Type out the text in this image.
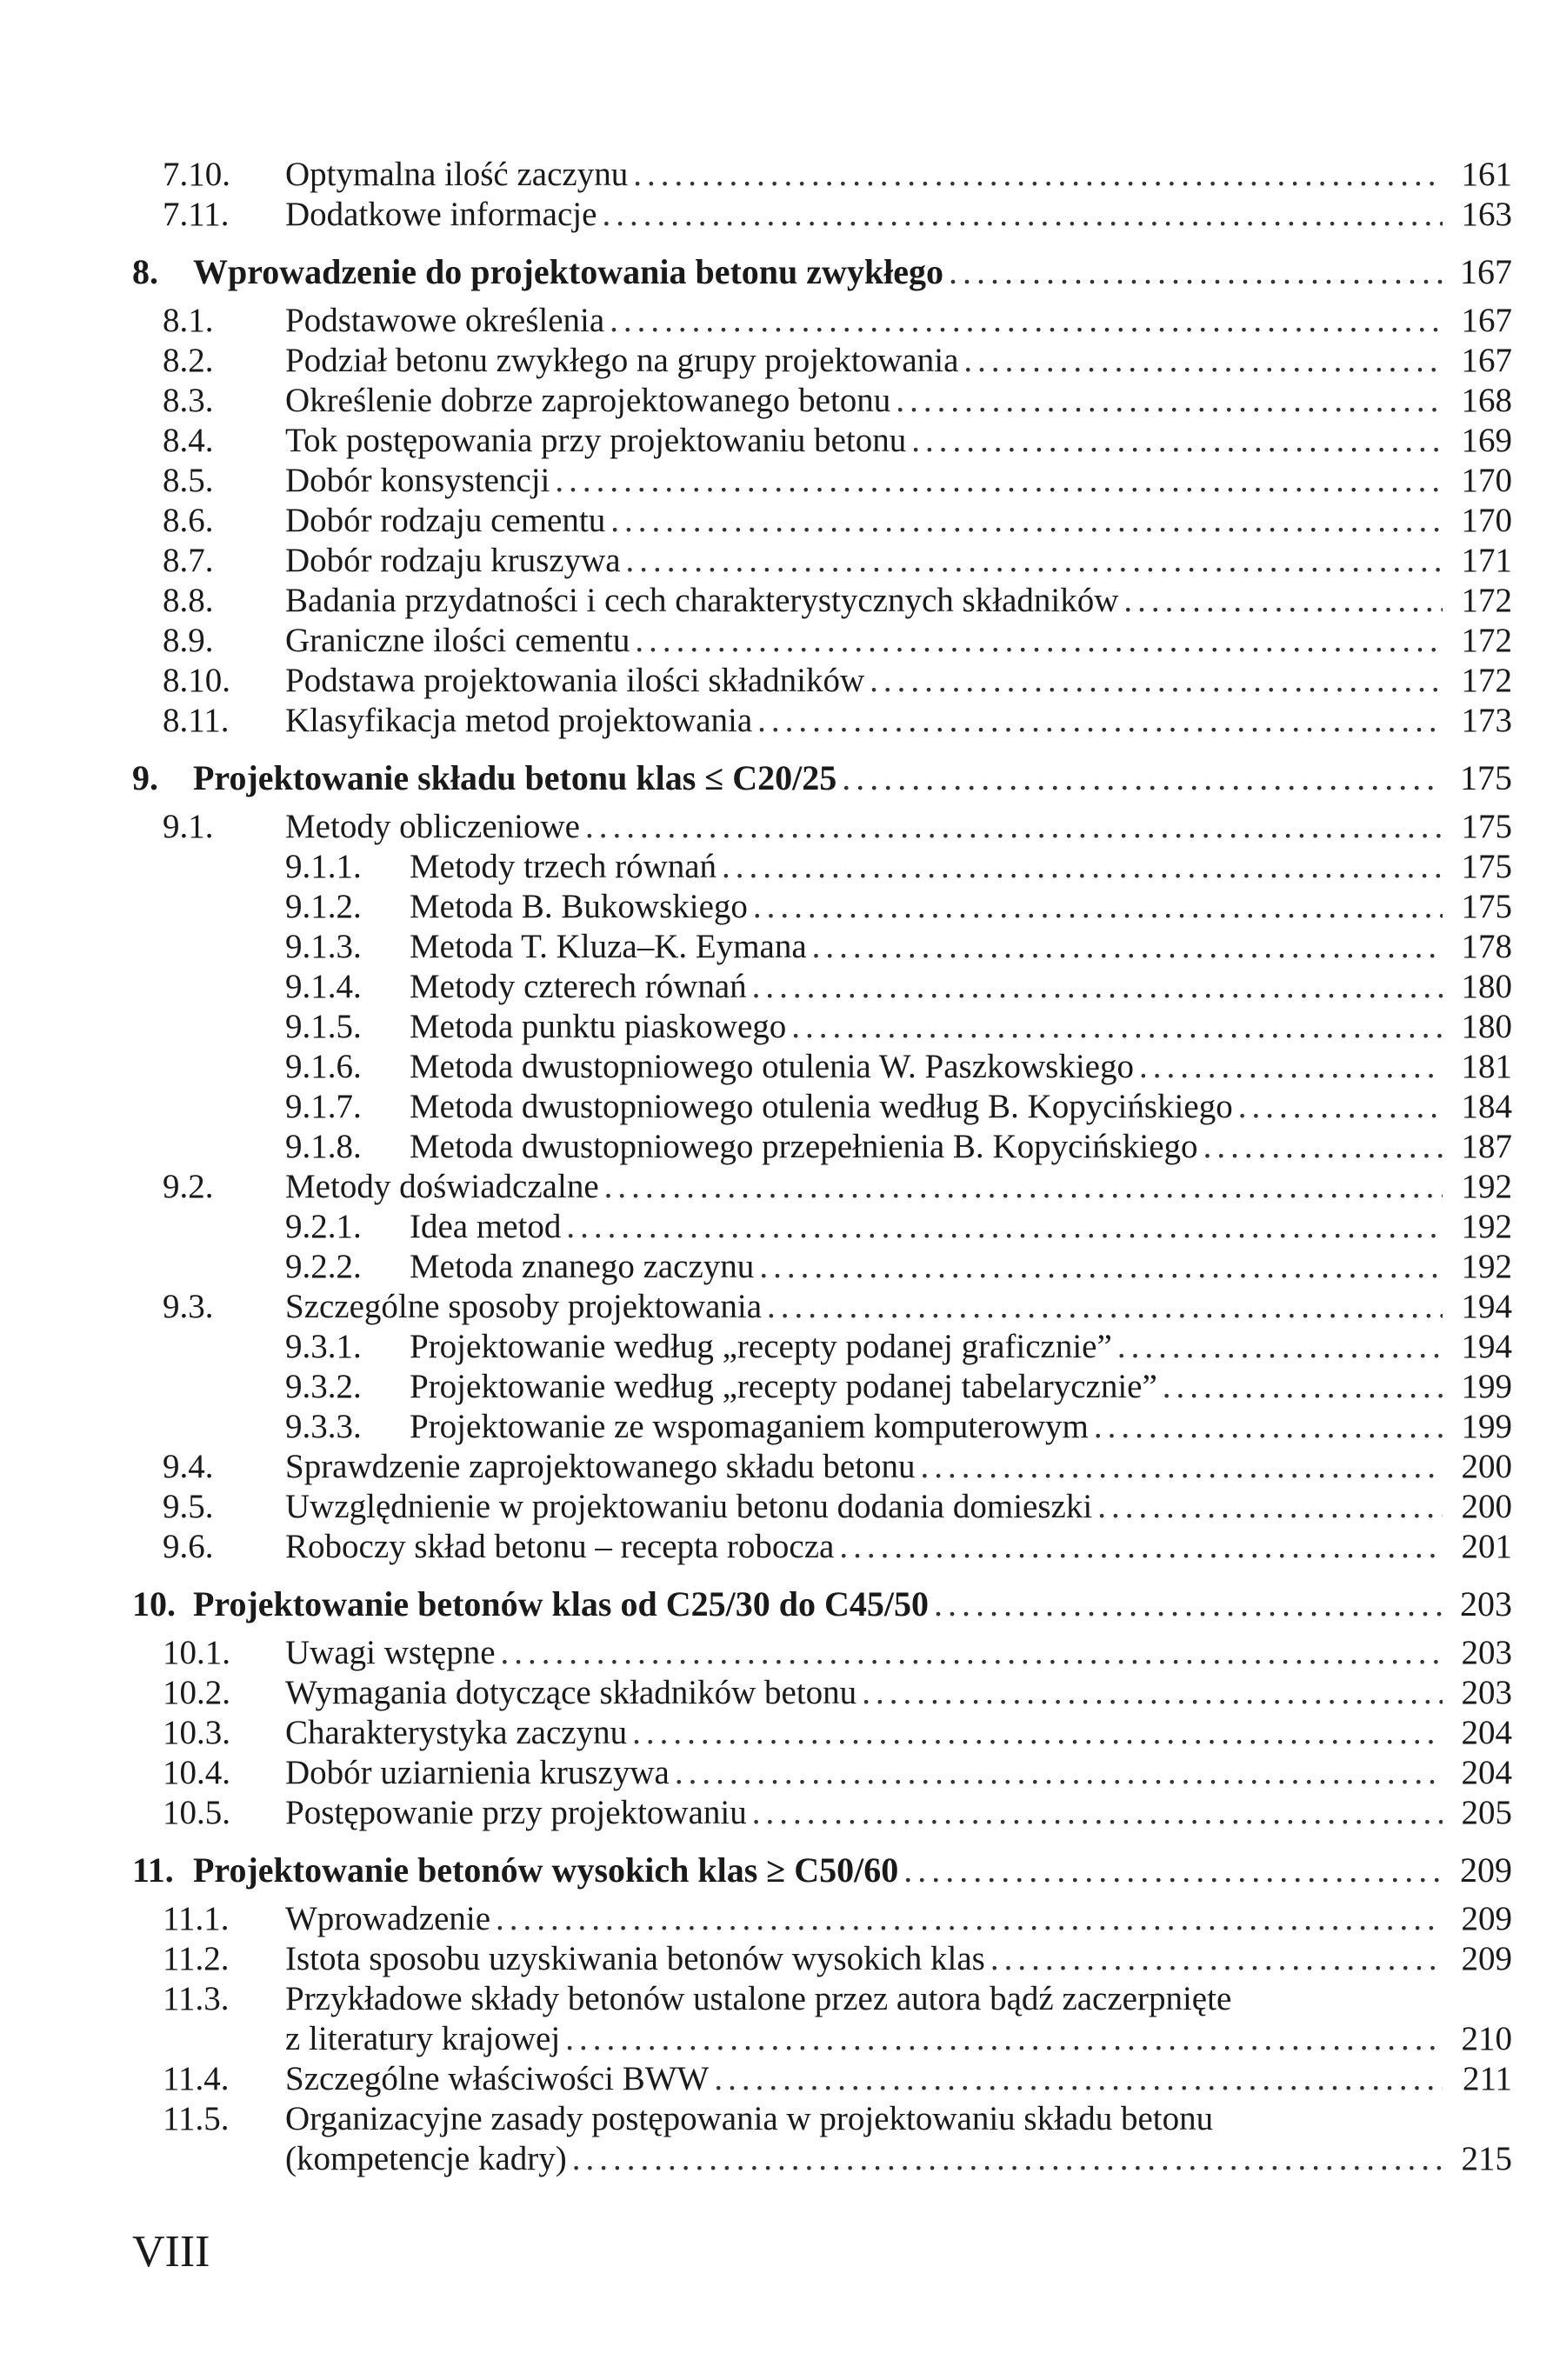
7.10. Optymalna ilość zaczynu .....	161
7.11. Dodatkowe informacje .....	163
8. Wprowadzenie do projektowania betonu zwykłego .....	167
8.1. Podstawowe określenia .....	167
8.2. Podział betonu zwykłego na grupy projektowania .....	167
8.3. Określenie dobrze zaprojektowanego betonu .....	168
8.4. Tok postępowania przy projektowaniu betonu .....	169
8.5. Dobór konsystencji .....	170
8.6. Dobór rodzaju cementu .....	170
8.7. Dobór rodzaju kruszywa .....	171
8.8. Badania przydatności i cech charakterystycznych składników .....	172
8.9. Graniczne ilości cementu .....	172
8.10. Podstawa projektowania ilości składników .....	172
8.11. Klasyfikacja metod projektowania .....	173
9. Projektowanie składu betonu klas ≤ C20/25 .....	175
9.1. Metody obliczeniowe .....	175
9.1.1. Metody trzech równań .....	175
9.1.2. Metoda B. Bukowskiego .....	175
9.1.3. Metoda T. Kluza–K. Eymana .....	178
9.1.4. Metody czterech równań .....	180
9.1.5. Metoda punktu piaskowego .....	180
9.1.6. Metoda dwustopniowego otulenia W. Paszkowskiego .....	181
9.1.7. Metoda dwustopniowego otulenia według B. Kopycińskiego .....	184
9.1.8. Metoda dwustopniowego przepełnienia B. Kopycińskiego .....	187
9.2. Metody doświadczalne .....	192
9.2.1. Idea metod .....	192
9.2.2. Metoda znanego zaczynu .....	192
9.3. Szczególne sposoby projektowania .....	194
9.3.1. Projektowanie według „recepty podanej graficznie” .....	194
9.3.2. Projektowanie według „recepty podanej tabelarycznie” .....	199
9.3.3. Projektowanie ze wspomaganiem komputerowym .....	199
9.4. Sprawdzenie zaprojektowanego składu betonu .....	200
9.5. Uwzględnienie w projektowaniu betonu dodania domieszki .....	200
9.6. Roboczy skład betonu – recepta robocza .....	201
10. Projektowanie betonów klas od C25/30 do C45/50 .....	203
10.1. Uwagi wstępne .....	203
10.2. Wymagania dotyczące składników betonu .....	203
10.3. Charakterystyka zaczynu .....	204
10.4. Dobór uziarnienia kruszywa .....	204
10.5. Postępowanie przy projektowaniu .....	205
11. Projektowanie betonów wysokich klas ≥ C50/60 .....	209
11.1. Wprowadzenie .....	209
11.2. Istota sposobu uzyskiwania betonów wysokich klas .....	209
11.3. Przykładowe składy betonów ustalone przez autora bądź zaczerpnięte
z literatury krajowej .....	210
11.4. Szczególne właściwości BWW .....	211
11.5. Organizacyjne zasady postępowania w projektowaniu składu betonu
(kompetencje kadry) .....	215
VIII
